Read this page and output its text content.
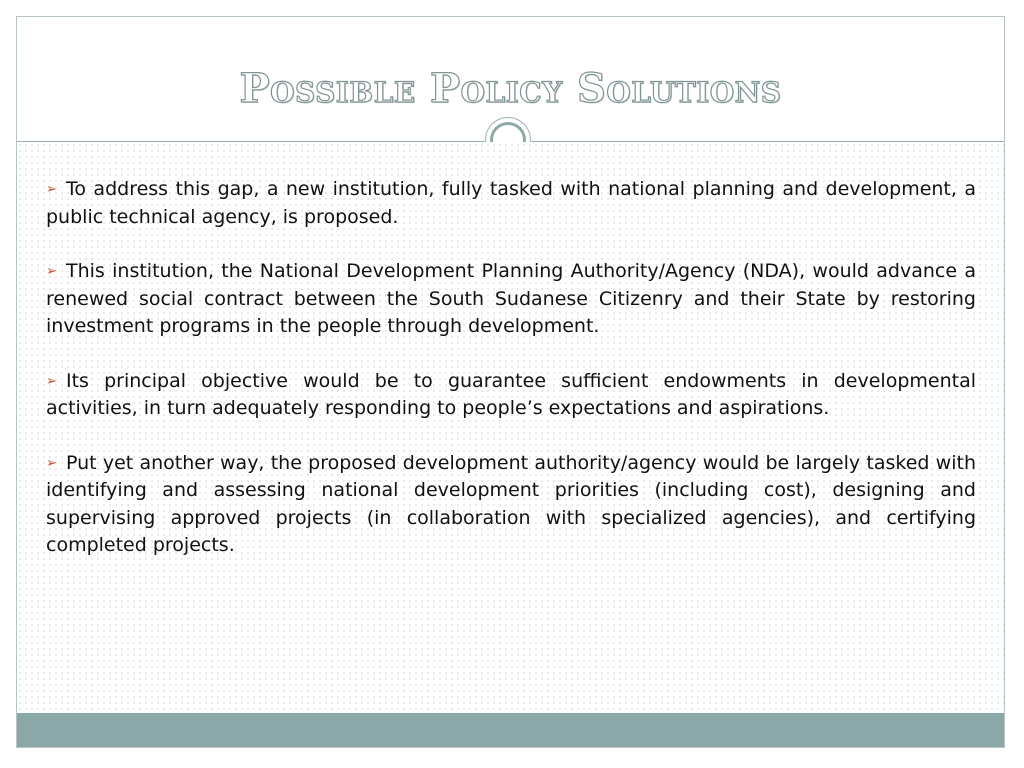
Possible Policy Solutions
➢ To address this gap, a new institution, fully tasked with national planning and development, a public technical agency, is proposed.
➢ This institution, the National Development Planning Authority/Agency (NDA), would advance a renewed social contract between the South Sudanese Citizenry and their State by restoring investment programs in the people through development.
➢ Its principal objective would be to guarantee sufficient endowments in developmental activities, in turn adequately responding to people’s expectations and aspirations.
➢ Put yet another way, the proposed development authority/agency would be largely tasked with identifying and assessing national development priorities (including cost), designing and supervising approved projects (in collaboration with specialized agencies), and certifying completed projects.
